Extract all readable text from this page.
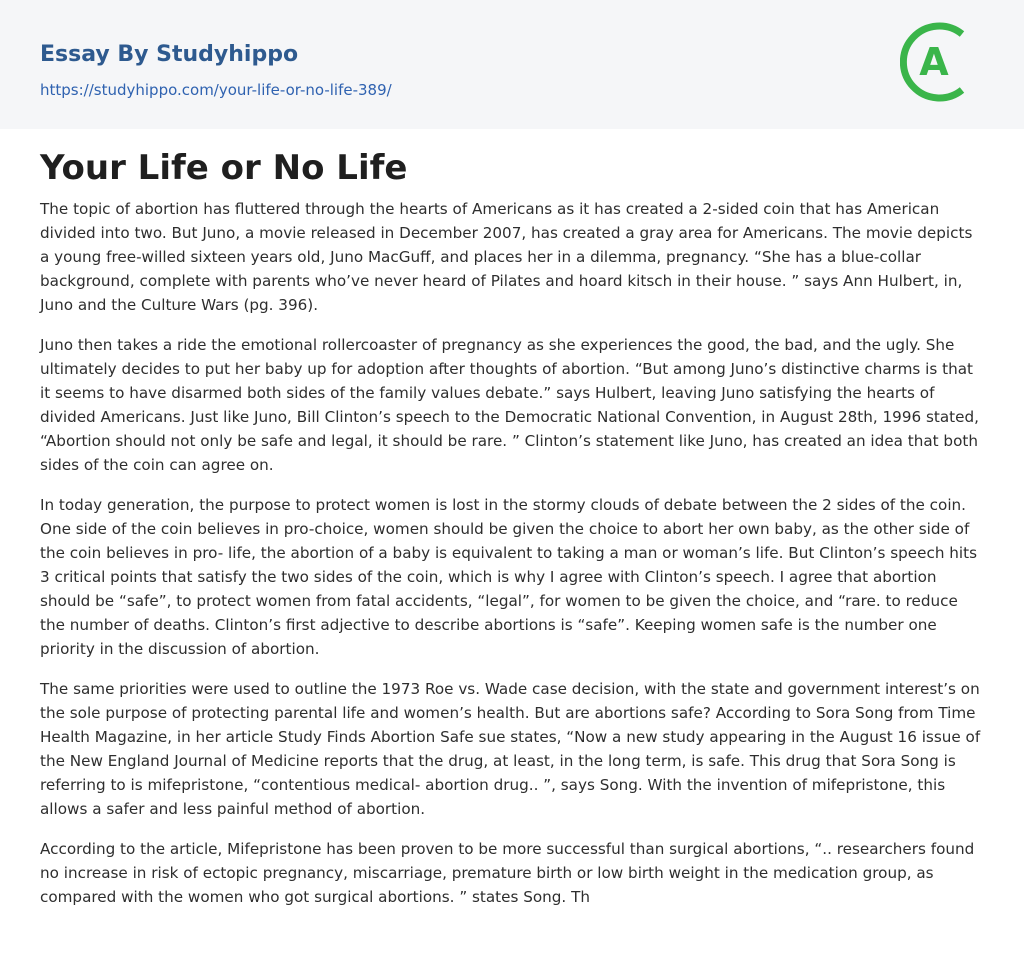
Essay By Studyhippo
https://studyhippo.com/your-life-or-no-life-389/
A
Your Life or No Life

The topic of abortion has fluttered through the hearts of Americans as it has created a 2-sided coin that has American divided into two. But Juno, a movie released in December 2007, has created a gray area for Americans. The movie depicts a young free-willed sixteen years old, Juno MacGuff, and places her in a dilemma, pregnancy. “She has a blue-collar background, complete with parents who’ve never heard of Pilates and hoard kitsch in their house. ” says Ann Hulbert, in, Juno and the Culture Wars (pg. 396).

Juno then takes a ride the emotional rollercoaster of pregnancy as she experiences the good, the bad, and the ugly. She ultimately decides to put her baby up for adoption after thoughts of abortion. “But among Juno’s distinctive charms is that it seems to have disarmed both sides of the family values debate.” says Hulbert, leaving Juno satisfying the hearts of divided Americans. Just like Juno, Bill Clinton’s speech to the Democratic National Convention, in August 28th, 1996 stated, “Abortion should not only be safe and legal, it should be rare. ” Clinton’s statement like Juno, has created an idea that both sides of the coin can agree on.

In today generation, the purpose to protect women is lost in the stormy clouds of debate between the 2 sides of the coin. One side of the coin believes in pro-choice, women should be given the choice to abort her own baby, as the other side of the coin believes in pro- life, the abortion of a baby is equivalent to taking a man or woman’s life. But Clinton’s speech hits 3 critical points that satisfy the two sides of the coin, which is why I agree with Clinton’s speech. I agree that abortion should be “safe”, to protect women from fatal accidents, “legal”, for women to be given the choice, and “rare. to reduce the number of deaths. Clinton’s first adjective to describe abortions is “safe”. Keeping women safe is the number one priority in the discussion of abortion.

The same priorities were used to outline the 1973 Roe vs. Wade case decision, with the state and government interest’s on the sole purpose of protecting parental life and women’s health. But are abortions safe? According to Sora Song from Time Health Magazine, in her article Study Finds Abortion Safe sue states, “Now a new study appearing in the August 16 issue of the New England Journal of Medicine reports that the drug, at least, in the long term, is safe. This drug that Sora Song is referring to is mifepristone, “contentious medical- abortion drug.. ”, says Song. With the invention of mifepristone, this allows a safer and less painful method of abortion.

According to the article, Mifepristone has been proven to be more successful than surgical abortions, “.. researchers found no increase in risk of ectopic pregnancy, miscarriage, premature birth or low birth weight in the medication group, as compared with the women who got surgical abortions. ” states Song. Th
